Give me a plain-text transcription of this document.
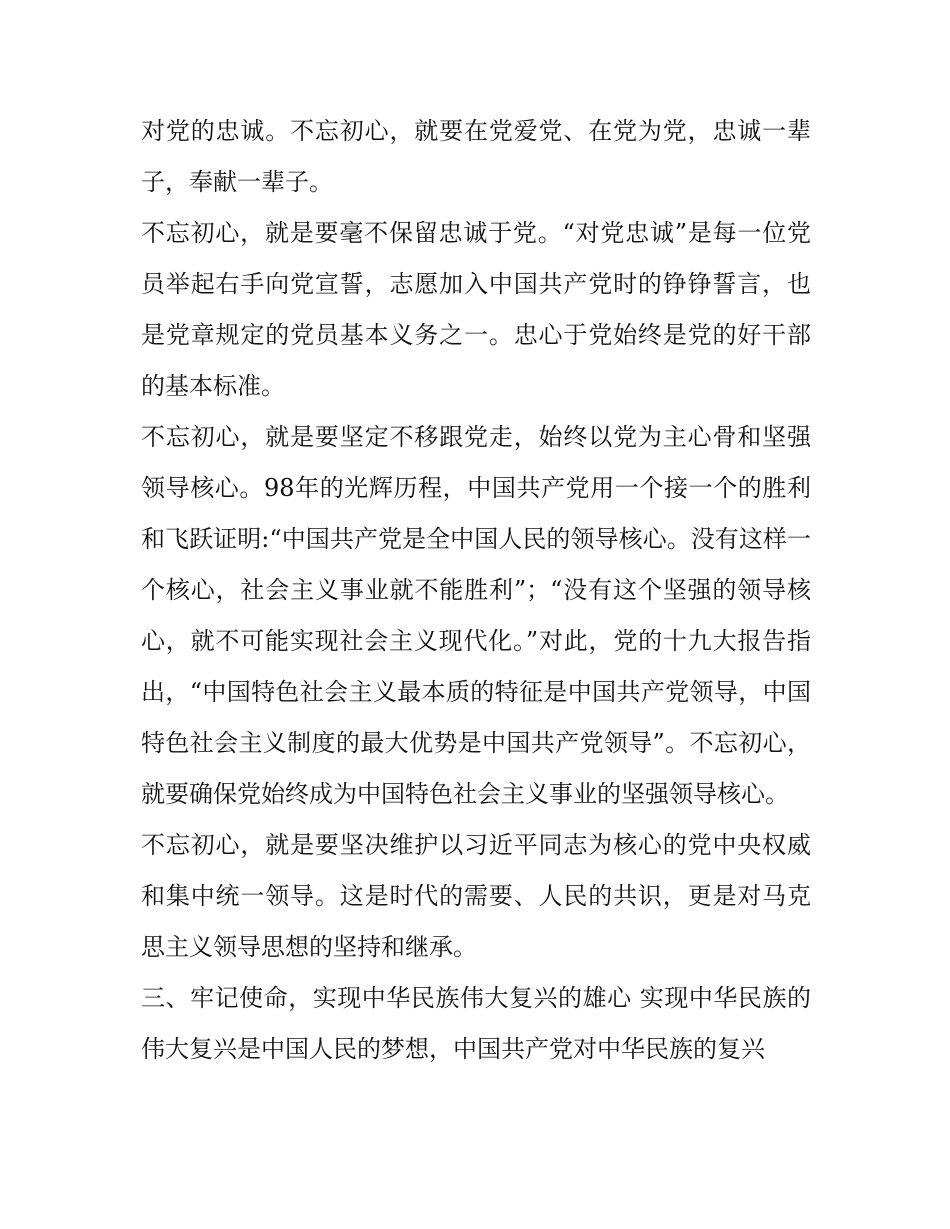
对党的忠诚。不忘初心，就要在党爱党、在党为党，忠诚一辈子，奉献一辈子。

不忘初心，就是要毫不保留忠诚于党。“对党忠诚”是每一位党员举起右手向党宣誓，志愿加入中国共产党时的铮铮誓言，也是党章规定的党员基本义务之一。忠心于党始终是党的好干部的基本标准。

不忘初心，就是要坚定不移跟党走，始终以党为主心骨和坚强领导核心。98年的光辉历程，中国共产党用一个接一个的胜利和飞跃证明:“中国共产党是全中国人民的领导核心。没有这样一个核心，社会主义事业就不能胜利”；“没有这个坚强的领导核心，就不可能实现社会主义现代化。”对此，党的十九大报告指出，“中国特色社会主义最本质的特征是中国共产党领导，中国特色社会主义制度的最大优势是中国共产党领导”。不忘初心，就要确保党始终成为中国特色社会主义事业的坚强领导核心。

不忘初心，就是要坚决维护以习近平同志为核心的党中央权威和集中统一领导。这是时代的需要、人民的共识，更是对马克思主义领导思想的坚持和继承。

三、牢记使命，实现中华民族伟大复兴的雄心 实现中华民族的伟大复兴是中国人民的梦想，中国共产党对中华民族的复兴
